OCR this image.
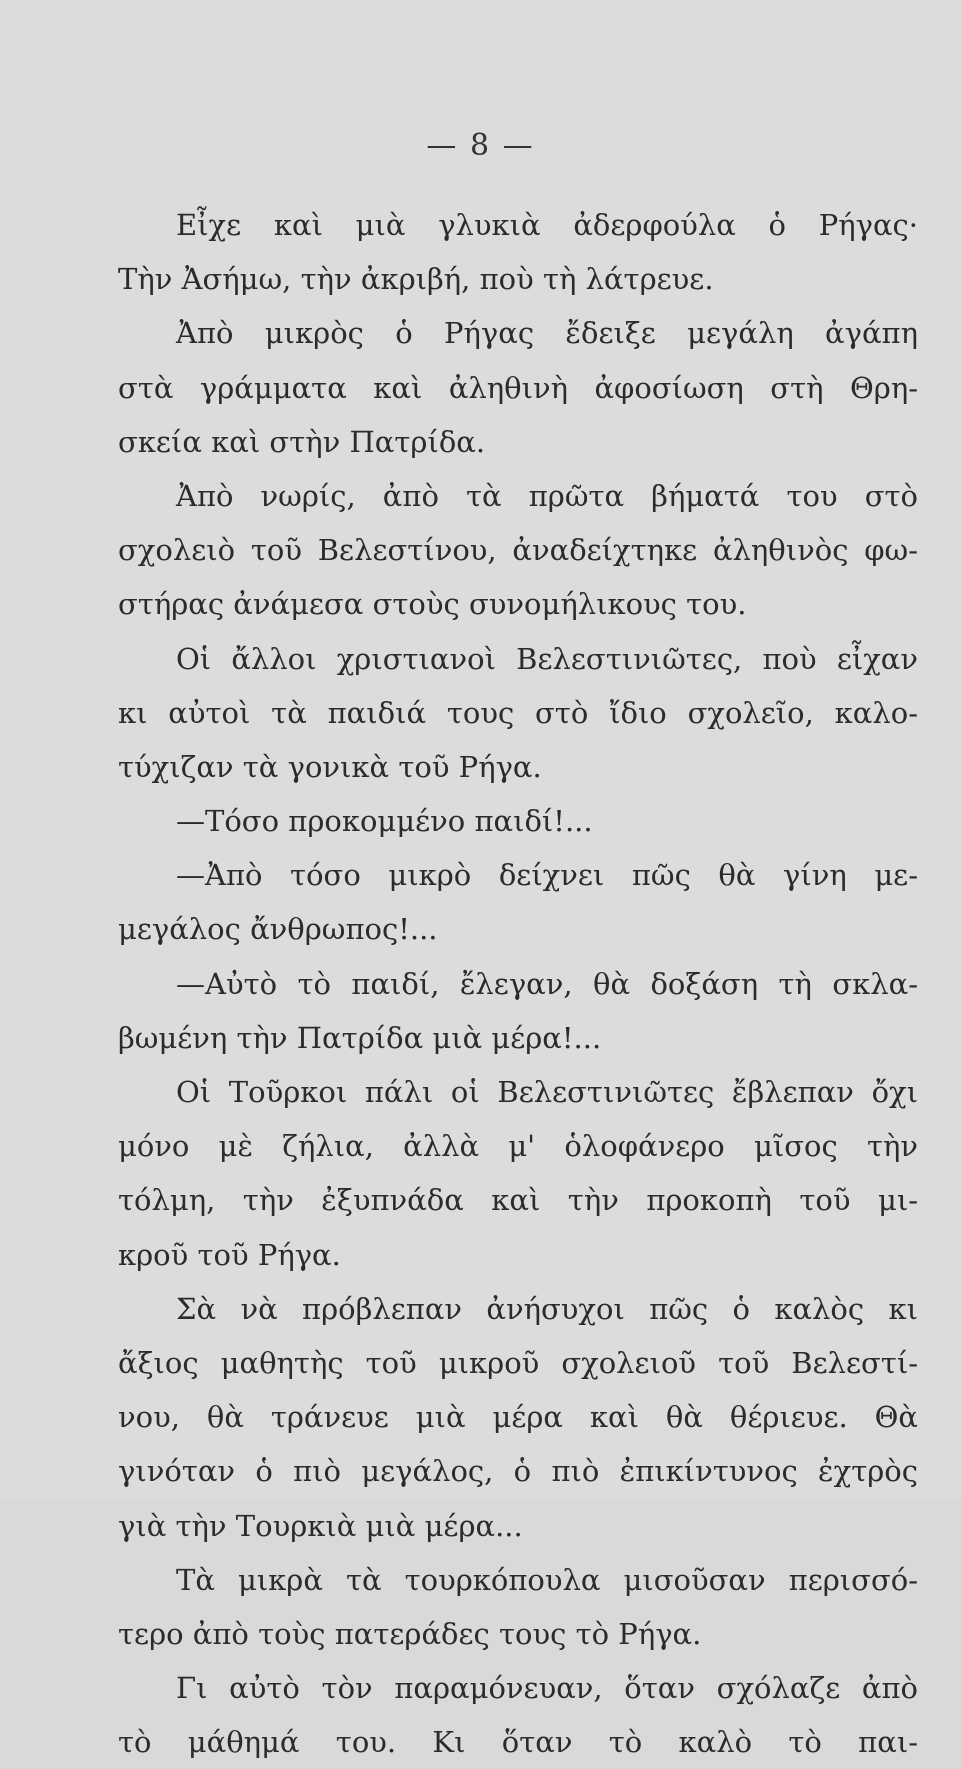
— 8 —
Εἶχε καὶ μιὰ γλυκιὰ ἀδερφούλα ὁ Ρήγας·
Τὴν Ἀσήμω, τὴν ἀκριβή, ποὺ τὴ λάτρευε.
Ἀπὸ μικρὸς ὁ Ρήγας ἔδειξε μεγάλη ἀγάπη
στὰ γράμματα καὶ ἀληθινὴ ἀφοσίωση στὴ Θρη-
σκεία καὶ στὴν Πατρίδα.
Ἀπὸ νωρίς, ἀπὸ τὰ πρῶτα βήματά του στὸ
σχολειὸ τοῦ Βελεστίνου, ἀναδείχτηκε ἀληθινὸς φω-
στήρας ἀνάμεσα στοὺς συνομήλικους του.
Οἱ ἄλλοι χριστιανοὶ Βελεστινιῶτες, ποὺ εἶχαν
κι αὐτοὶ τὰ παιδιά τους στὸ ἴδιο σχολεῖο, καλο-
τύχιζαν τὰ γονικὰ τοῦ Ρήγα.
—Τόσο προκομμένο παιδί!...
—Ἀπὸ τόσο μικρὸ δείχνει πῶς θὰ γίνη με-
μεγάλος ἄνθρωπος!...
—Αὐτὸ τὸ παιδί, ἔλεγαν, θὰ δοξάση τὴ σκλα-
βωμένη τὴν Πατρίδα μιὰ μέρα!...
Οἱ Τοῦρκοι πάλι οἱ Βελεστινιῶτες ἔβλεπαν ὄχι
μόνο μὲ ζήλια, ἀλλὰ μ' ὁλοφάνερο μῖσος τὴν
τόλμη, τὴν ἐξυπνάδα καὶ τὴν προκοπὴ τοῦ μι-
κροῦ τοῦ Ρήγα.
Σὰ νὰ πρόβλεπαν ἀνήσυχοι πῶς ὁ καλὸς κι
ἄξιος μαθητὴς τοῦ μικροῦ σχολειοῦ τοῦ Βελεστί-
νου, θὰ τράνευε μιὰ μέρα καὶ θὰ θέριευε. Θὰ
γινόταν ὁ πιὸ μεγάλος, ὁ πιὸ ἐπικίντυνος ἐχτρὸς
γιὰ τὴν Τουρκιὰ μιὰ μέρα...
Τὰ μικρὰ τὰ τουρκόπουλα μισοῦσαν περισσό-
τερο ἀπὸ τοὺς πατεράδες τους τὸ Ρήγα.
Γι αὐτὸ τὸν παραμόνευαν, ὅταν σχόλαζε ἀπὸ
τὸ μάθημά του. Κι ὅταν τὸ καλὸ τὸ παι-
